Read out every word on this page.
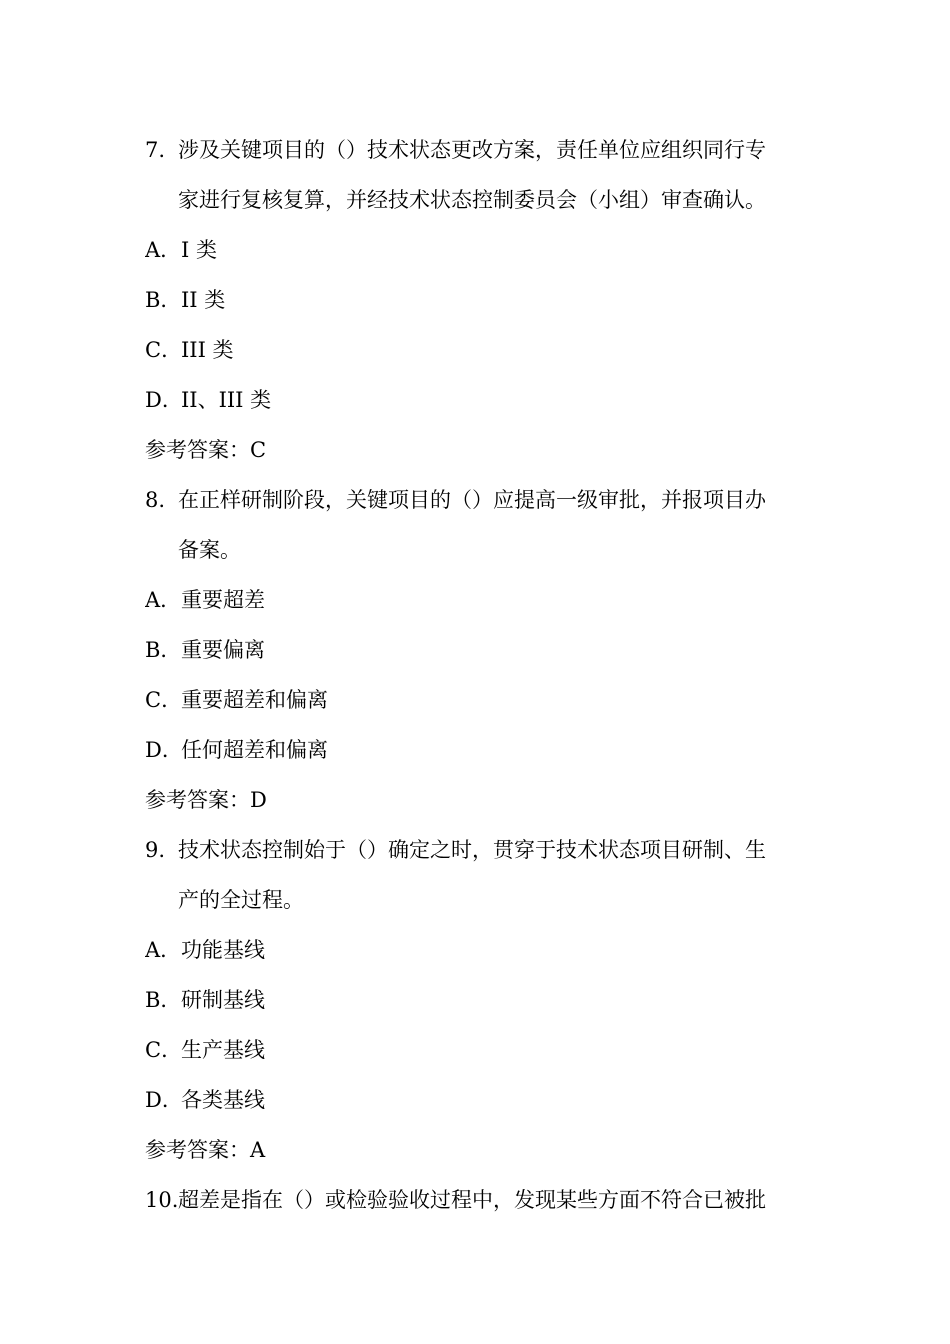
7. 涉及关键项目的（）技术状态更改方案，责任单位应组织同行专
家进行复核复算，并经技术状态控制委员会（小组）审查确认。
A．I 类
B．II 类
C．III 类
D．II、III 类
参考答案：C
8. 在正样研制阶段，关键项目的（）应提高一级审批，并报项目办
备案。
A．重要超差
B．重要偏离
C．重要超差和偏离
D．任何超差和偏离
参考答案：D
9. 技术状态控制始于（）确定之时，贯穿于技术状态项目研制、生
产的全过程。
A．功能基线
B．研制基线
C．生产基线
D．各类基线
参考答案：A
10. 超差是指在（）或检验验收过程中，发现某些方面不符合已被批
